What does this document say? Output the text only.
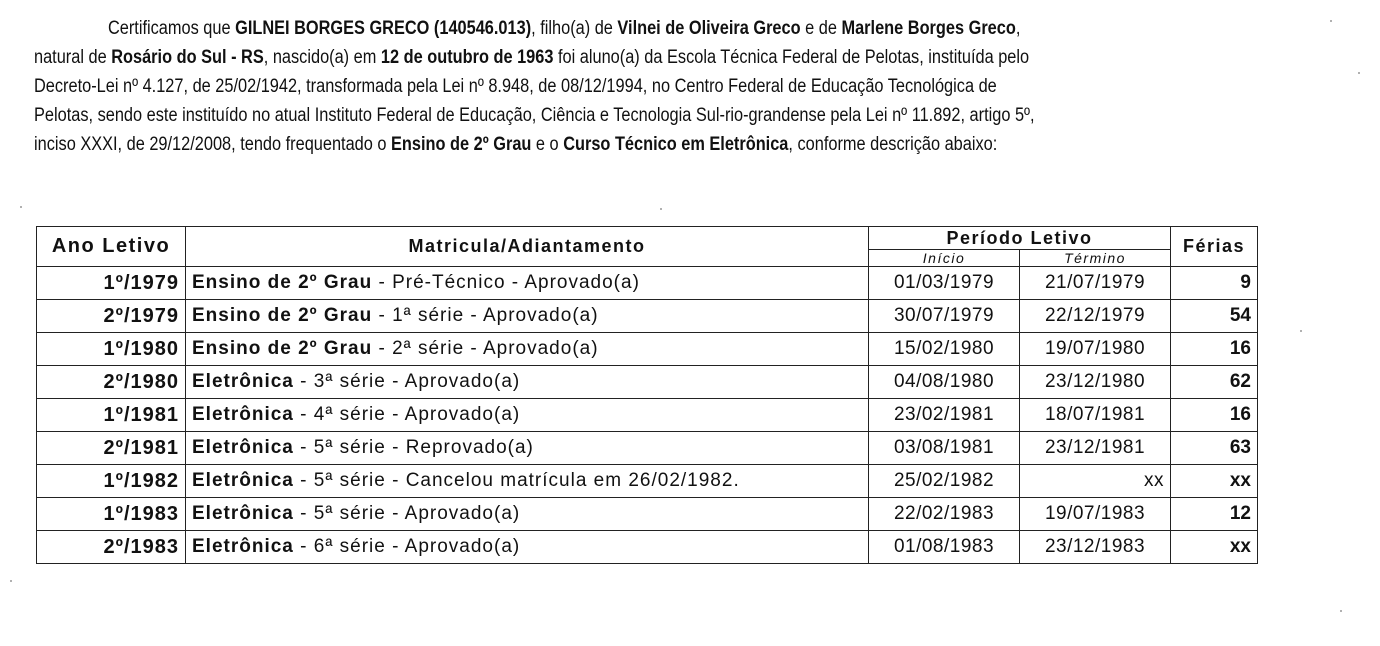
Certificamos que GILNEI BORGES GRECO (140546.013), filho(a) de Vilnei de Oliveira Greco e de Marlene Borges Greco,
natural de Rosário do Sul - RS, nascido(a) em 12 de outubro de 1963 foi aluno(a) da Escola Técnica Federal de Pelotas, instituída pelo
Decreto-Lei nº 4.127, de 25/02/1942, transformada pela Lei nº 8.948, de 08/12/1994, no Centro Federal de Educação Tecnológica de
Pelotas, sendo este instituído no atual Instituto Federal de Educação, Ciência e Tecnologia Sul-rio-grandense pela Lei nº 11.892, artigo 5º,
inciso XXXI, de 29/12/2008, tendo frequentado o Ensino de 2º Grau e o Curso Técnico em Eletrônica, conforme descrição abaixo:
Ano Letivo	Matricula/Adiantamento	Período Letivo		Férias
		Início	Término	
1º/1979	Ensino de 2º Grau - Pré-Técnico - Aprovado(a)	01/03/1979	21/07/1979	9
2º/1979	Ensino de 2º Grau - 1ª série - Aprovado(a)	30/07/1979	22/12/1979	54
1º/1980	Ensino de 2º Grau - 2ª série - Aprovado(a)	15/02/1980	19/07/1980	16
2º/1980	Eletrônica - 3ª série - Aprovado(a)	04/08/1980	23/12/1980	62
1º/1981	Eletrônica - 4ª série - Aprovado(a)	23/02/1981	18/07/1981	16
2º/1981	Eletrônica - 5ª série - Reprovado(a)	03/08/1981	23/12/1981	63
1º/1982	Eletrônica - 5ª série - Cancelou matrícula em 26/02/1982.	25/02/1982	xx	xx
1º/1983	Eletrônica - 5ª série - Aprovado(a)	22/02/1983	19/07/1983	12
2º/1983	Eletrônica - 6ª série - Aprovado(a)	01/08/1983	23/12/1983	xx
